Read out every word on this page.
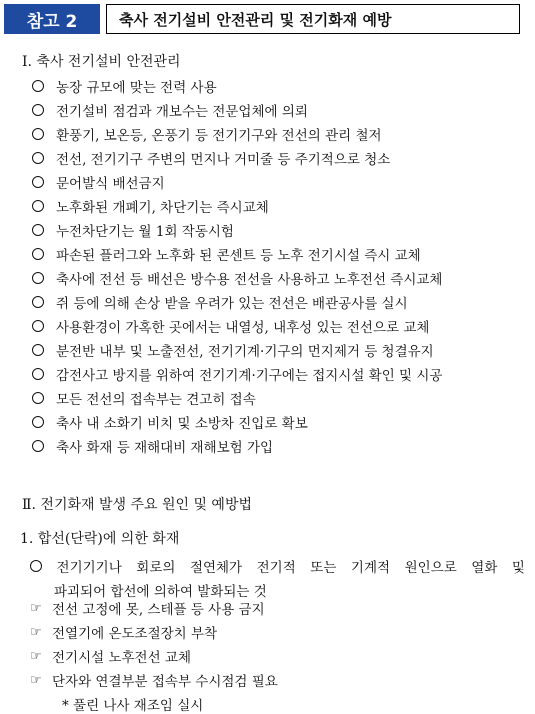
참고 2	축사 전기설비 안전관리 및 전기화재 예방
Ⅰ. 축사 전기설비 안전관리
농장 규모에 맞는 전력 사용
전기설비 점검과 개보수는 전문업체에 의뢰
환풍기, 보온등, 온풍기 등 전기기구와 전선의 관리 철저
전선, 전기기구 주변의 먼지나 거미줄 등 주기적으로 청소
문어발식 배선금지
노후화된 개폐기, 차단기는 즉시교체
누전차단기는 월 1회 작동시험
파손된 플러그와 노후화 된 콘센트 등 노후 전기시설 즉시 교체
축사에 전선 등 배선은 방수용 전선을 사용하고 노후전선 즉시교체
쥐 등에 의해 손상 받을 우려가 있는 전선은 배관공사를 실시
사용환경이 가혹한 곳에서는 내열성, 내후성 있는 전선으로 교체
분전반 내부 및 노출전선, 전기기계·기구의 먼지제거 등 청결유지
감전사고 방지를 위하여 전기기계·기구에는 접지시설 확인 및 시공
모든 전선의 접속부는 견고히 접속
축사 내 소화기 비치 및 소방차 진입로 확보
축사 화재 등 재해대비 재해보험 가입
Ⅱ. 전기화재 발생 주요 원인 및 예방법
1. 합선(단락)에 의한 화재
전기기기나 회로의 절연체가 전기적 또는 기계적 원인으로 열화 및
파괴되어 합선에 의하여 발화되는 것
☞ 전선 고정에 못, 스테플 등 사용 금지
☞ 전열기에 온도조절장치 부착
☞ 전기시설 노후전선 교체
☞ 단자와 연결부분 접속부 수시점검 필요
* 풀린 나사 재조임 실시
